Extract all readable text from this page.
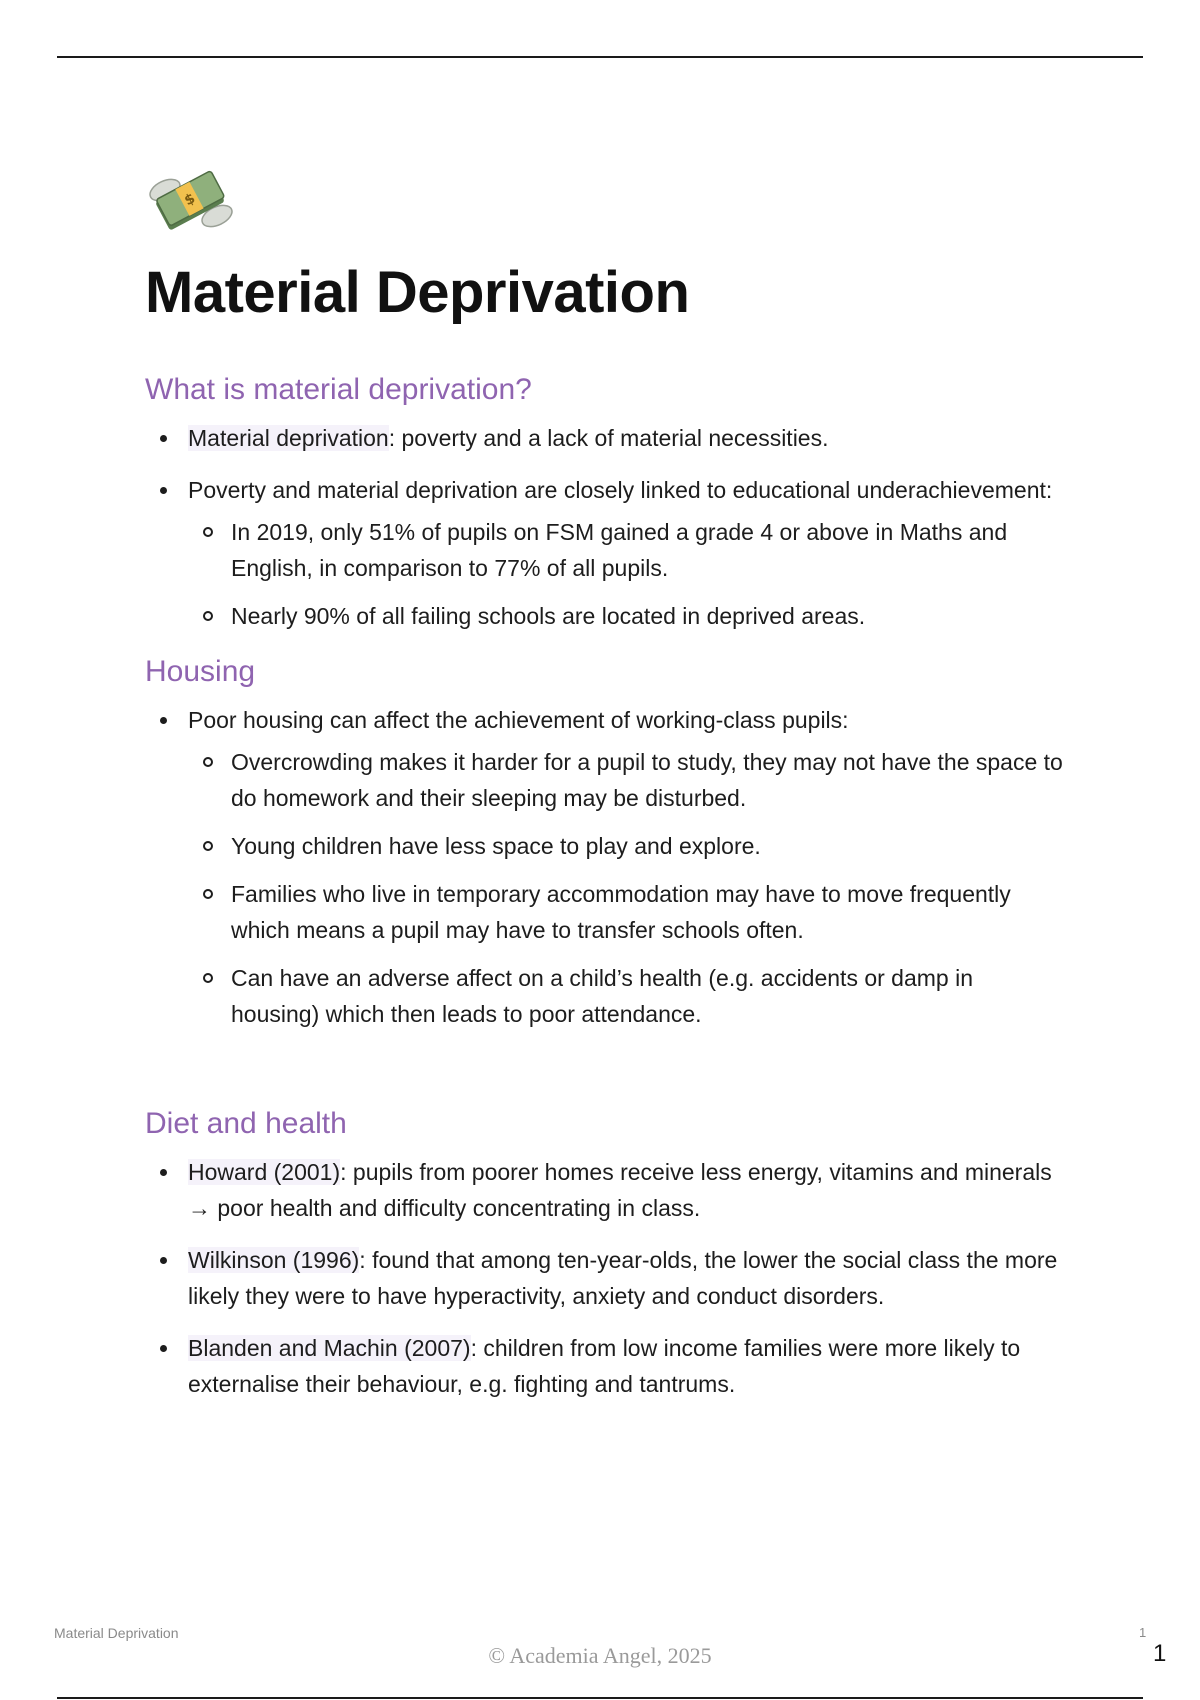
$
Material Deprivation
What is material deprivation?
Material deprivation: poverty and a lack of material necessities.
Poverty and material deprivation are closely linked to educational underachievement:
In 2019, only 51% of pupils on FSM gained a grade 4 or above in Maths and English, in comparison to 77% of all pupils.
Nearly 90% of all failing schools are located in deprived areas.
Housing
Poor housing can affect the achievement of working-class pupils:
Overcrowding makes it harder for a pupil to study, they may not have the space to do homework and their sleeping may be disturbed.
Young children have less space to play and explore.
Families who live in temporary accommodation may have to move frequently which means a pupil may have to transfer schools often.
Can have an adverse affect on a child’s health (e.g. accidents or damp in housing) which then leads to poor attendance.
Diet and health
Howard (2001): pupils from poorer homes receive less energy, vitamins and minerals → poor health and difficulty concentrating in class.
Wilkinson (1996): found that among ten-year-olds, the lower the social class the more likely they were to have hyperactivity, anxiety and conduct disorders.
Blanden and Machin (2007): children from low income families were more likely to externalise their behaviour, e.g. fighting and tantrums.
Material Deprivation	1
© Academia Angel, 2025	1
